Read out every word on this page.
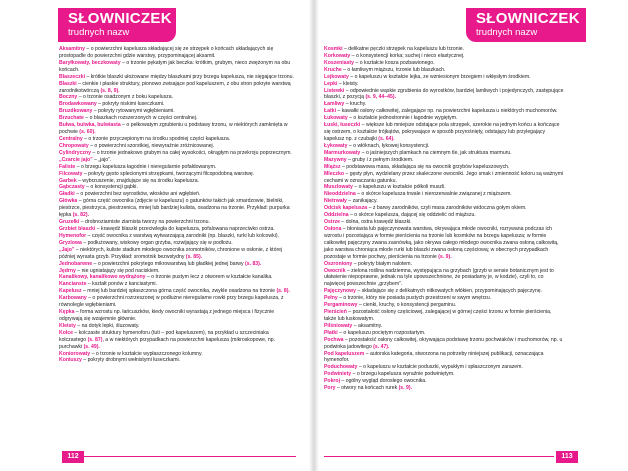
SŁOWNICZEK
trudnych nazw

Aksamitny – o powierzchni kapelusza składającej się ze strzępek o końcach układających się prostopadle do powierzchni gdzie warstwy, przypominającej aksamit.

Baryłkowaty, beczkowaty – o trzonie pękatym jak beczka: krótkim, grubym, nieco zwężonym na obu końcach.

Blaszeczki – krótkie blaszki ułożowane między blaszkami przy brzegu kapelusza, nie sięgające trzonu.

Blaszki – cienkie i płaskie struktury, pionowo zwisające pod kapeluszem, z obu stron pokryte warstwą zarodnikotwórczą (s. 8, 9).

Boczny – o trzonie osadzonym z boku kapelusza.

Brodawkowany – pokryty niskimi łuseczkami.

Bruzdkowany – pokryty rytowanymi wgłębieniami.

Brzuchate – o blaszkach rozszerzonych w części centralnej.

Bulwa, bulwka, bulwiasta – o pełkowatym zgrubieniu u podstawy trzonu, w niektórych zamknięta w pochwie (s. 60).

Centralny – o trzonie przyczepionym na środku spodniej części kapelusza.

Chropowaty – o powierzchni szorstkiej, niewyraźnie zróżnicowanej.

Cylindryczny – o trzonie jednakowo grubym na całej wysokości, okrągłym na przekroju poprzecznym.

„Czarcie jajo” – „jajo”.

Faliste – o brzegu kapelusza łagodnie i nieregularnie pofałdowanym.

Filcowaty – pokryty gęsto splecionymi strzępkami, tworzącymi filcopodobną warstwę.

Garbek – wybrzuszenie, znajdujące się na środku kapelusza.

Gąbczasty – o konsystencji gąbki.

Gładki – o powierzchni bez wyrostków, włosków ani wgłębień.

Główka – górna część owocnika (zdjęcie w kapeluszu) o gatunków takich jak smardzowie, bielniki, piestrzce, piestrzyca, piestrzenica, mniej lub bardziej kulista, osadzona na trzonie. Przykład: purpurka łępka (s. 82).

Gruzełki – drobnoziarniste ziarnista tworzy na powierzchni trzonu.

Grzbiet blaszki – krawędź blaszki przeciwległa do kapelusza, pofalowana naprzeciwko ostrza.

Hymenofor – część owocnika z warstwą wytwarzającą zarodniki (np. blaszki, rurki lub kolcowki).

Gryzlowa – podłużowany, wiskowy organ grzyba, rozwijający się w podłożu.

„Jajo” – niektórych, kuliste stadium młodego owocnika sromotników, chronione w osłonie, z której później wyrasta grzyb. Przykład: sromotnik bezwstydny (s. 85).

Jednobarwne – o powierzchni pokrytego mikrowarstwą lub gładkiej jednej barwy (s. 83).

Jędrny – nie ugniatający się pod naciskiem.

Kanalikowy, kanalikowo wydrążony – o trzonie pustym lecz z otworem w kształcie kanalika.

Kancianste – kształt ponów z kanciastymi.

Kapelusz – mniej lub bardziej spłaszczona górna część owocnika, zwykle osadzona na trzonie (s. 8).

Karbowany – o powierzchni rozrzeszonej w podłużne nieregularne rowki przy brzegu kapelusza, z równolegle wgłębieniami.

Kępka – forma wzrostu np. łańcuszków, kiedy owocniki wyrastają z jednego miejsca i fizycznie odgrywają się wzajemnie głównie.

Kleisty – na dotyk lepki, śluzowaty.

Kolce – kolczaste struktury hymenoforu (tuti – pod kapeluszem), na przykład u szczeciniaka kolczastego (s. 87), a w niektórych przypadkach na powierzchni kapelusza (mikroskopowe, np. purchawki (s. 49).

Koniorowaty – o trzonie w kształcie wypłaszczonego kolumny.

Koniuszy – pokryty drobnymi wełnistymi łuseczkami.

112
SŁOWNICZEK
trudnych nazw

Kosmki – delikatne pęczki strzępek na kapeluszu lub trzonie.

Korkowaty – o konsystencji korka; suchej i nieco elastycznej.

Koszeniasty – o kształcie kosza pozbawionego.

Kruche – o łamliwym miąższu, trzonie lub blaszkach.

Lejkowaty – o kapeluszu w kształcie lejka, ze wzniesionym brzegiem i wklęsłym środkiem.

Lepki – kleisty.

Listewki – odpowiednie wąskie zgrubienia do wyrostków, bardziej lamliwych i pojedynczych, zastępujące blaszki, z pozycją (s. 9, 44–45).

Łamliwy – kruchy.

Łatki – kawałki osłony całkowitej, zalegające np. na powierzchni kapelusza u niektórych muchomorów.

Łukowaty – o kształcie jednostronnie i łagodnie wygiętym.

Łuski, łuseczki – większe lub mniejsze odstające pola strzępek, szerokie na jednym końcu a kończące się ostrzem, o kształcie trójkątów, pokrywające w sposób przyrośnięty, odstający lub przylegający kapelusz np. z czubajki (s. 64).

Łykowaty – o włóknach, łykowej konsystencji.

Marmurkowaty – o jaśniejszych plamkach na ciemnym tle, jak struktura marmuru.

Mazywny – gruby i z pełnym środkiem.

Miąższ – podstawowa masa, składająca się na owocnik grzybów kapeluszowych.

Mleczko – gęsty płyn, wydzielany przez skaleczone owocniki. Jego smak i zmienność koloru są ważnymi cechami w oznaczaniu gatunku.

Muszlowaty – o kapeluszu w kształcie półkoli muszli.

Nieoddzielna – o skórce kapelusza trwale i nierozerwalnie związanej z miąższem.

Nietrwały – zanikający.

Odcisk kapelusza – z barwy zarodników, czyli masa zarodników widoczna gołym okiem.

Oddzielna – o skórce kapelusza, dającej się oddzielić od miąższu.

Ostrze – dolna, ostra krawędź blaszki.

Osłona – błoniasta lub pajęczynowata warstwa, okrywająca młode owocniki, rozrywana podczas ich wzrostu i pozostająca w formie pierścienia na trzonie lub kosmków na brzegu kapelusza; w formie całkowitej pajęczyny zwana zasnówką, jako okrywa całego młodego owocnika zwana osłoną całkowitą, jako warstwa chroniąca młode rurki lub blaszki zwana osłoną częściową; w obecnych przypadkach pozostaje w formie pochwy, pierścienia na trzonie (s. 9).

Oszroniony – pokryty białym nalotem.

Owocnik – zielona roślina nadziemna, występująca na grzybach (grzyb w sensie botanicznym jest to ułatwienie niepoprawne, jednak na tyle upowszechnione, że posiadamy je, w kodzie), czyli to, co najwięcej powszechnie „grzybem”.

Pajęczynowy – składające się z delikatnych nitkowatych włókien, przypominających pajęczynę.

Pełny – o trzonie, który nie posiada pustych przestrzeni w swym wnętrzu.

Pergaminowy – cienki, kruchy, o konsystencji pergaminu.

Pierścień – pozostałość osłony częściowej, zalegającej w górnej części trzonu w formie pierścienia, także lub łuskowatym.

Pilśniowaty – aksamitny.

Płatki – o kapeluszu pociętym rozpostartym.

Pochwa – pozostałość osłony całkowitej, okrywająca podstawę trzonu pochwiaków i muchomorów, np. u podwinka jadowitego (s. 47).

Pod kapeluszem – autorska kategoria, stworzona na potrzeby niniejszej publikacji, oznaczająca hymenofor.

Poduchowaty – o kapeluszu w kształcie poduszki, wypukłym i spłaszczonym zarazem.

Podwiniety – o brzegu kapelusza wyraźnie podwiniętym.

Pokroj – ogólny wygląd dorosłego owocnika.

Pory – otwory na końcach rurek (s. 9).

113
